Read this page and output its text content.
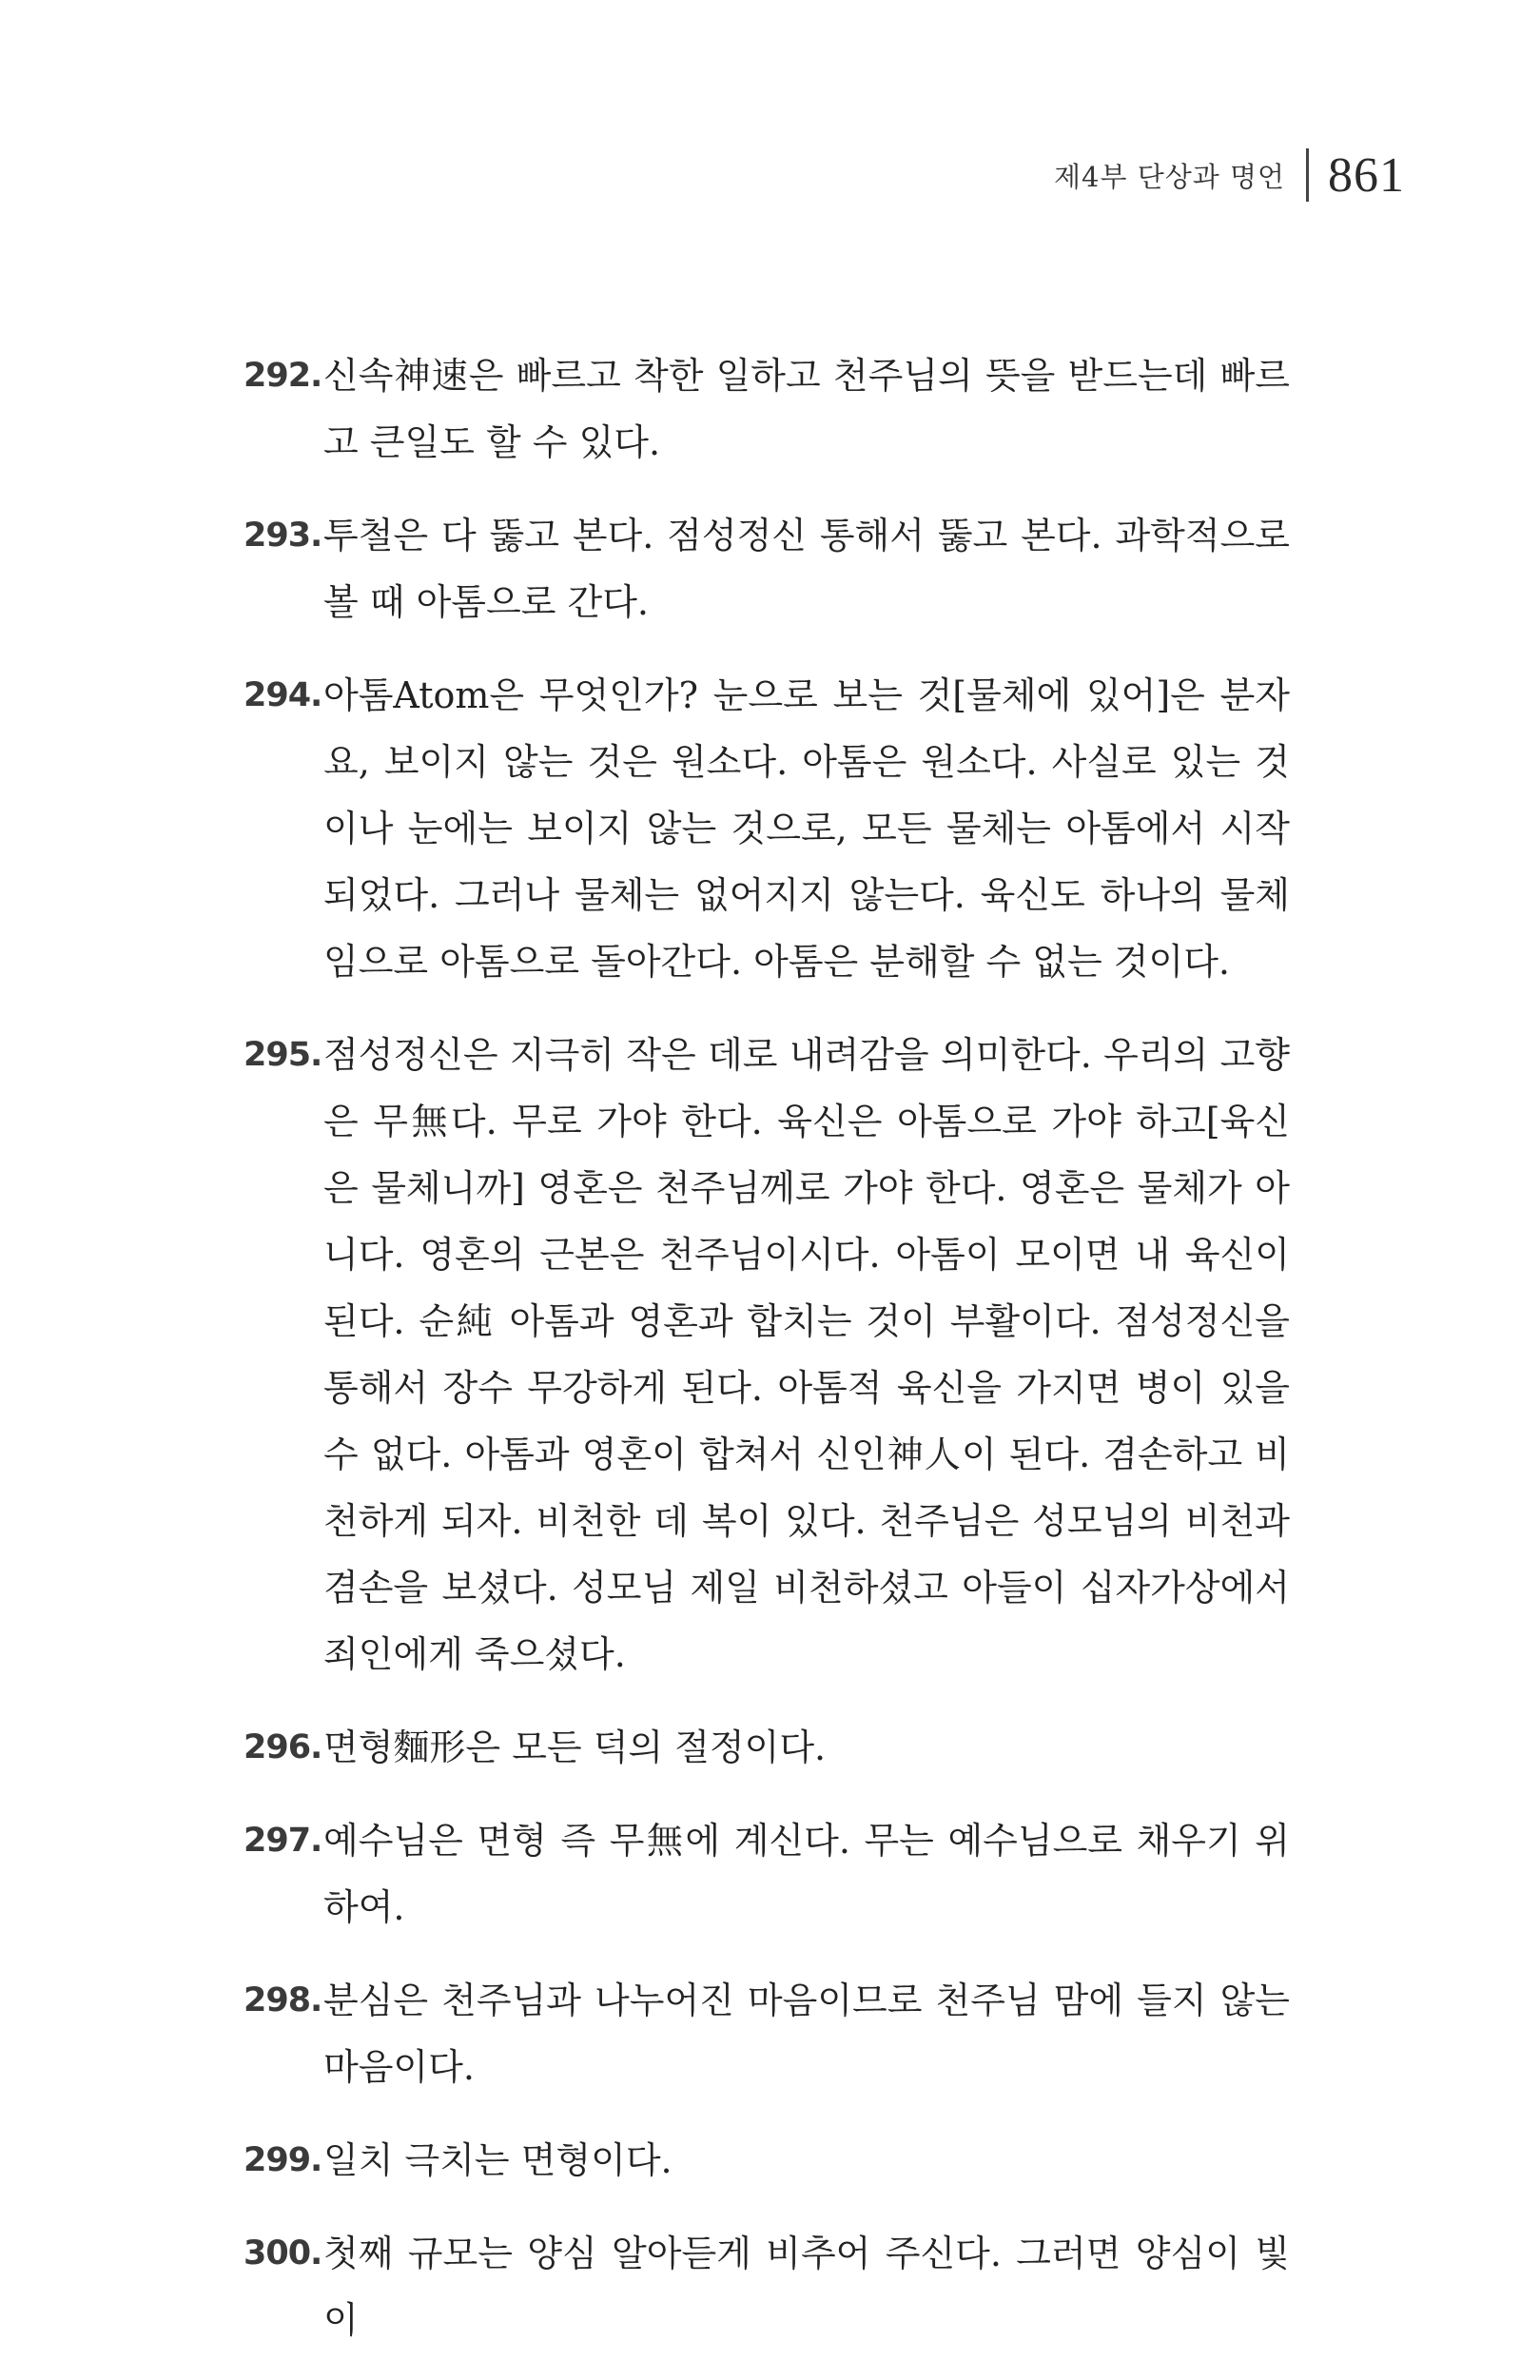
제4부 단상과 명언 861
292. 신속神速은 빠르고 착한 일하고 천주님의 뜻을 받드는데 빠르고 큰일도 할 수 있다.
293. 투철은 다 뚫고 본다. 점성정신 통해서 뚫고 본다. 과학적으로 볼 때 아톰으로 간다.
294. 아톰Atom은 무엇인가? 눈으로 보는 것[물체에 있어]은 분자요, 보이지 않는 것은 원소다. 아톰은 원소다. 사실로 있는 것이나 눈에는 보이지 않는 것으로, 모든 물체는 아톰에서 시작되었다. 그러나 물체는 없어지지 않는다. 육신도 하나의 물체임으로 아톰으로 돌아간다. 아톰은 분해할 수 없는 것이다.
295. 점성정신은 지극히 작은 데로 내려감을 의미한다. 우리의 고향은 무無다. 무로 가야 한다. 육신은 아톰으로 가야 하고[육신은 물체니까] 영혼은 천주님께로 가야 한다. 영혼은 물체가 아니다. 영혼의 근본은 천주님이시다. 아톰이 모이면 내 육신이 된다. 순純 아톰과 영혼과 합치는 것이 부활이다. 점성정신을 통해서 장수 무강하게 된다. 아톰적 육신을 가지면 병이 있을 수 없다. 아톰과 영혼이 합쳐서 신인神人이 된다. 겸손하고 비천하게 되자. 비천한 데 복이 있다. 천주님은 성모님의 비천과 겸손을 보셨다. 성모님 제일 비천하셨고 아들이 십자가상에서 죄인에게 죽으셨다.
296. 면형麵形은 모든 덕의 절정이다.
297. 예수님은 면형 즉 무無에 계신다. 무는 예수님으로 채우기 위하여.
298. 분심은 천주님과 나누어진 마음이므로 천주님 맘에 들지 않는 마음이다.
299. 일치 극치는 면형이다.
300. 첫째 규모는 양심 알아듣게 비추어 주신다. 그러면 양심이 빛이
